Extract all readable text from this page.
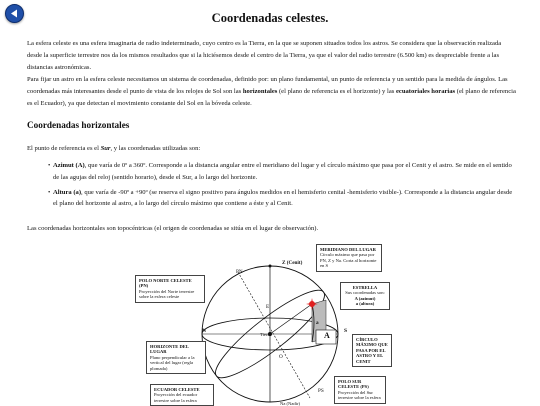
Coordenadas celestes.

La esfera celeste es una esfera imaginaria de radio indeterminado, cuyo centro es la Tierra, en la que se suponen situados todos los astros. Se considera que la observación realizada desde la superficie terrestre nos da los mismos resultados que si la hiciésemos desde el centro de la Tierra, ya que el valor del radio terrestre (6.500 km) es despreciable frente a las distancias astronómicas.

Para fijar un astro en la esfera celeste necesitamos un sistema de coordenadas, definido por: un plano fundamental, un punto de referencia y un sentido para la medida de ángulos. Las coordenadas más interesantes desde el punto de vista de los relojes de Sol son las horizontales (el plano de referencia es el horizonte) y las ecuatoriales horarias (el plano de referencia es el Ecuador), ya que detectan el movimiento constante del Sol en la bóveda celeste.

Coordenadas horizontales

El punto de referencia es el Sur, y las coordenadas utilizadas son:

• Azimut (A), que varía de 0º a 360º. Corresponde a la distancia angular entre el meridiano del lugar y el círculo máximo que pasa por el Cenit y el astro. Se mide en el sentido de las agujas del reloj (sentido horario), desde el Sur, a lo largo del horizonte.
• Altura (a), que varía de -90º a +90º (se reserva el signo positivo para ángulos medidos en el hemisferio cenital -hemisferio visible-). Corresponde a la distancia angular desde el plano del horizonte al astro, a lo largo del círculo máximo que contiene a éste y al Cenit.

Las coordenadas horizontales son topocéntricas (el origen de coordenadas se sitúa en el lugar de observación).

Z (Cenit)
PN
N	S
E
O
Tierra
a
A
PS
Na (Nadir)
MERIDIANO DEL LUGAR
Círculo máximo que pasa por PN, Z y Na. Corta al horizonte en S
POLO NORTE CELESTE (PN)
Proyección del Norte terrestre sobre la esfera celeste
ESTRELLA
Sus coordenadas son:
A (azimut)
a (altura)
CÍRCULO MÁXIMO QUE PASA POR EL ASTRO Y EL CENIT
HORIZONTE DEL LUGAR
Plano perpendicular a la vertical del lugar (regla plomada)
ECUADOR CELESTE
Proyección del ecuador terrestre sobre la esfera
POLO SUR CELESTE (PS)
Proyección del Sur terrestre sobre la esfera
